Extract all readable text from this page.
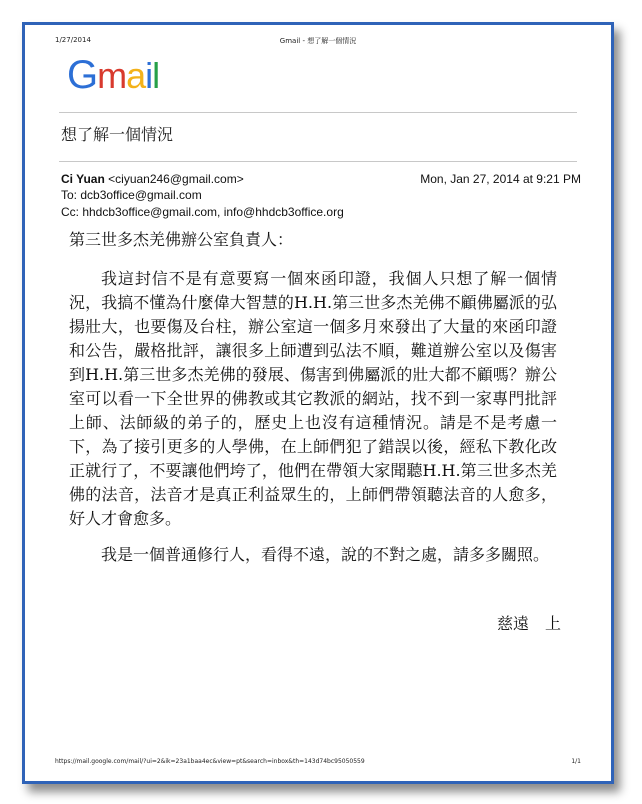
1/27/2014	Gmail - 想了解一個情況
Gmail
想了解一個情況
Ci Yuan <ciyuan246@gmail.com>	Mon, Jan 27, 2014 at 9:21 PM
To: dcb3office@gmail.com
Cc: hhdcb3office@gmail.com, info@hhdcb3office.org

第三世多杰羌佛辦公室負責人：

我這封信不是有意要寫一個來函印證，我個人只想了解一個情況，我搞不懂為什麼偉大智慧的H.H.第三世多杰羌佛不顧佛屬派的弘揚壯大，也要傷及台柱，辦公室這一個多月來發出了大量的來函印證和公告，嚴格批評，讓很多上師遭到弘法不順，難道辦公室以及傷害到H.H.第三世多杰羌佛的發展、傷害到佛屬派的壯大都不顧嗎？辦公室可以看一下全世界的佛教或其它教派的網站，找不到一家專門批評上師、法師級的弟子的，歷史上也沒有這種情況。請是不是考慮一下，為了接引更多的人學佛，在上師們犯了錯誤以後，經私下教化改正就行了，不要讓他們垮了，他們在帶領大家聞聽H.H.第三世多杰羌佛的法音，法音才是真正利益眾生的，上師們帶領聽法音的人愈多，好人才會愈多。

我是一個普通修行人，看得不遠，說的不對之處，請多多關照。

慈遠　上
https://mail.google.com/mail/?ui=2&ik=23a1baa4ec&view=pt&search=inbox&th=143d74bc95050559	1/1
